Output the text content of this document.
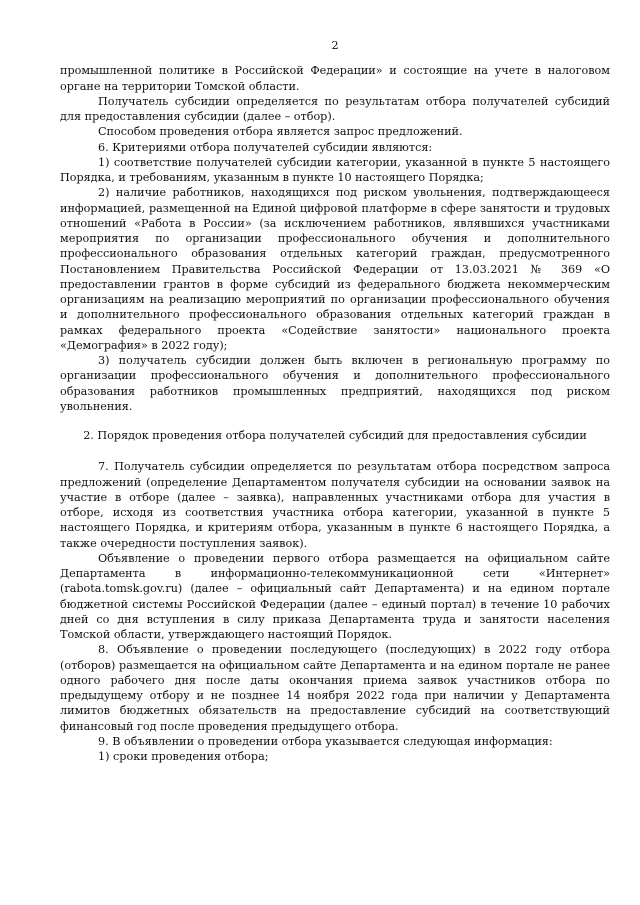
2

промышленной политике в Российской Федерации» и состоящие на учете в налоговом органе на территории Томской области.

Получатель субсидии определяется по результатам отбора получателей субсидий для предоставления субсидии (далее – отбор).

Способом проведения отбора является запрос предложений.

6. Критериями отбора получателей субсидии являются:

1) соответствие получателей субсидии категории, указанной в пункте 5 настоящего Порядка, и требованиям, указанным в пункте 10 настоящего Порядка;

2) наличие работников, находящихся под риском увольнения, подтверждающееся информацией, размещенной на Единой цифровой платформе в сфере занятости и трудовых отношений «Работа в России» (за исключением работников, являвшихся участниками мероприятия по организации профессионального обучения и дополнительного профессионального образования отдельных категорий граждан, предусмотренного Постановлением Правительства Российской Федерации от 13.03.2021 № 369 «О предоставлении грантов в форме субсидий из федерального бюджета некоммерческим организациям на реализацию мероприятий по организации профессионального обучения и дополнительного профессионального образования отдельных категорий граждан в рамках федерального проекта «Содействие занятости» национального проекта «Демография» в 2022 году);

3) получатель субсидии должен быть включен в региональную программу по организации профессионального обучения и дополнительного профессионального образования работников промышленных предприятий, находящихся под риском увольнения.

2. Порядок проведения отбора получателей субсидий для предоставления субсидии

7. Получатель субсидии определяется по результатам отбора посредством запроса предложений (определение Департаментом получателя субсидии на основании заявок на участие в отборе (далее – заявка), направленных участниками отбора для участия в отборе, исходя из соответствия участника отбора категории, указанной в пункте 5 настоящего Порядка, и критериям отбора, указанным в пункте 6 настоящего Порядка, а также очередности поступления заявок).

Объявление о проведении первого отбора размещается на официальном сайте Департамента в информационно-телекоммуникационной сети «Интернет» (rabota.tomsk.gov.ru) (далее – официальный сайт Департамента) и на едином портале бюджетной системы Российской Федерации (далее – единый портал) в течение 10 рабочих дней со дня вступления в силу приказа Департамента труда и занятости населения Томской области, утверждающего настоящий Порядок.

8. Объявление о проведении последующего (последующих) в 2022 году отбора (отборов) размещается на официальном сайте Департамента и на едином портале не ранее одного рабочего дня после даты окончания приема заявок участников отбора по предыдущему отбору и не позднее 14 ноября 2022 года при наличии у Департамента лимитов бюджетных обязательств на предоставление субсидий на соответствующий финансовый год после проведения предыдущего отбора.

9. В объявлении о проведении отбора указывается следующая информация:

1) сроки проведения отбора;
